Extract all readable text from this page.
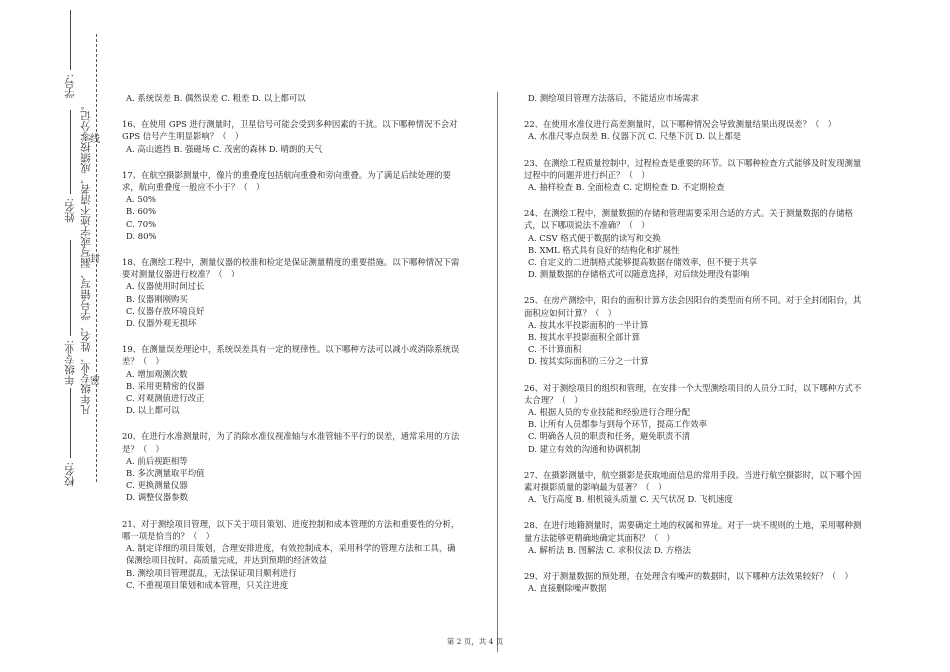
学号:
姓名:
年级专业:
校名:
凡年级专业、姓名、学号错写、漏写或字迹不清者，成绩按零分记。
线
封
密

A. 系统误差 B. 偶然误差 C. 粗差 D. 以上都可以

16、在使用 GPS 进行测量时，卫星信号可能会受到多种因素的干扰。以下哪种情况不会对 GPS 信号产生明显影响？（　）

A. 高山遮挡 B. 强磁场 C. 茂密的森林 D. 晴朗的天气

17、在航空摄影测量中，像片的重叠度包括航向重叠和旁向重叠。为了满足后续处理的要求，航向重叠度一般应不小于？（　）

A. 50%

B. 60%

C. 70%

D. 80%

18、在测绘工程中，测量仪器的校准和检定是保证测量精度的重要措施。以下哪种情况下需要对测量仪器进行校准？（　）

A. 仪器使用时间过长

B. 仪器刚刚购买

C. 仪器存放环境良好

D. 仪器外观无损坏

19、在测量误差理论中，系统误差具有一定的规律性。以下哪种方法可以减小或消除系统误差？（　）

A. 增加观测次数

B. 采用更精密的仪器

C. 对观测值进行改正

D. 以上都可以

20、在进行水准测量时，为了消除水准仪视准轴与水准管轴不平行的误差，通常采用的方法是？（　）

A. 前后视距相等

B. 多次测量取平均值

C. 更换测量仪器

D. 调整仪器参数

21、对于测绘项目管理，以下关于项目策划、进度控制和成本管理的方法和重要性的分析，哪一项是恰当的？（　）

A. 制定详细的项目策划，合理安排进度，有效控制成本，采用科学的管理方法和工具，确保测绘项目按时、高质量完成，并达到预期的经济效益

B. 测绘项目管理混乱，无法保证项目顺利进行

C. 不重视项目策划和成本管理，只关注进度

D. 测绘项目管理方法落后，不能适应市场需求

22、在使用水准仪进行高差测量时，以下哪种情况会导致测量结果出现误差？（　）

A. 水准尺零点误差 B. 仪器下沉 C. 尺垫下沉 D. 以上都是

23、在测绘工程质量控制中，过程检查是重要的环节。以下哪种检查方式能够及时发现测量过程中的问题并进行纠正？（　）

A. 抽样检查 B. 全面检查 C. 定期检查 D. 不定期检查

24、在测绘工程中，测量数据的存储和管理需要采用合适的方式。关于测量数据的存储格式，以下哪项说法不准确？（　）

A. CSV 格式便于数据的读写和交换

B. XML 格式具有良好的结构化和扩展性

C. 自定义的二进制格式能够提高数据存储效率，但不便于共享

D. 测量数据的存储格式可以随意选择，对后续处理没有影响

25、在房产测绘中，阳台的面积计算方法会因阳台的类型而有所不同。对于全封闭阳台，其面积应如何计算？（　）

A. 按其水平投影面积的一半计算

B. 按其水平投影面积全部计算

C. 不计算面积

D. 按其实际面积的三分之一计算

26、对于测绘项目的组织和管理，在安排一个大型测绘项目的人员分工时，以下哪种方式不太合理？（　）

A. 根据人员的专业技能和经验进行合理分配

B. 让所有人员都参与到每个环节，提高工作效率

C. 明确各人员的职责和任务，避免职责不清

D. 建立有效的沟通和协调机制

27、在摄影测量中，航空摄影是获取地面信息的常用手段。当进行航空摄影时，以下哪个因素对摄影质量的影响最为显著？（　）

A. 飞行高度 B. 相机镜头质量 C. 天气状况 D. 飞机速度

28、在进行地籍测量时，需要确定土地的权属和界址。对于一块不规则的土地，采用哪种测量方法能够更精确地确定其面积？（　）

A. 解析法 B. 图解法 C. 求积仪法 D. 方格法

29、对于测量数据的预处理，在处理含有噪声的数据时，以下哪种方法效果较好？（　）

A. 直接删除噪声数据

第 2 页，共 4 页
